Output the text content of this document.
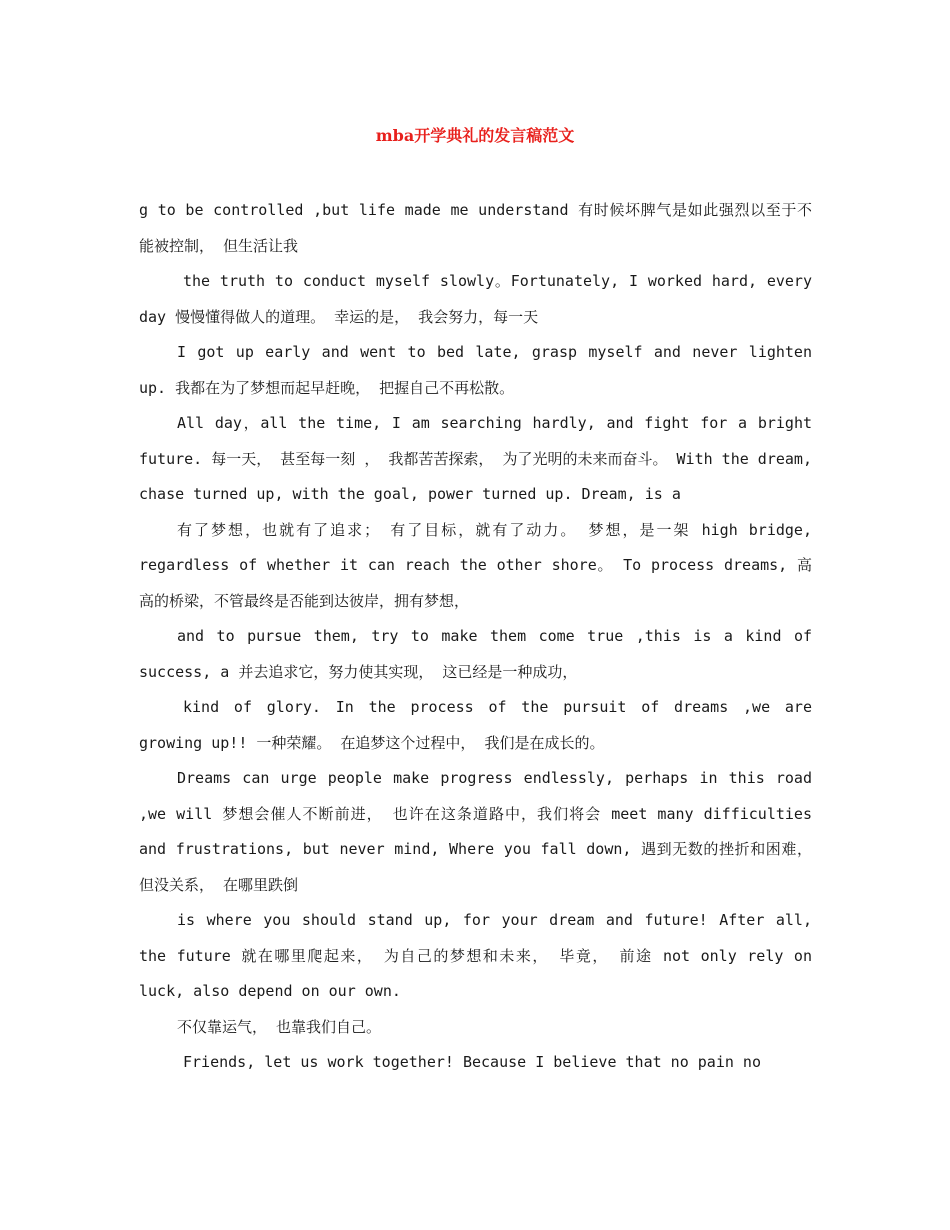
mba开学典礼的发言稿范文

g to be controlled ,but life made me understand 有时候坏脾气是如此强烈以至于不能被控制， 但生活让我

the truth to conduct myself slowly。Fortunately, I worked hard, every day 慢慢懂得做人的道理。 幸运的是， 我会努力，每一天

I got up early and went to bed late, grasp myself and never lighten up. 我都在为了梦想而起早赶晚， 把握自己不再松散。

All day，all the time, I am searching hardly, and fight for a bright future. 每一天， 甚至每一刻 ， 我都苦苦探索， 为了光明的未来而奋斗。 With the dream, chase turned up, with the goal, power turned up. Dream, is a

有了梦想，也就有了追求； 有了目标，就有了动力。 梦想，是一架 high bridge, regardless of whether it can reach the other shore。 To process dreams, 高高的桥梁，不管最终是否能到达彼岸，拥有梦想，

and to pursue them, try to make them come true ,this is a kind of success, a 并去追求它，努力使其实现， 这已经是一种成功，

kind of glory. In the process of the pursuit of dreams ,we are growing up!! 一种荣耀。 在追梦这个过程中， 我们是在成长的。

Dreams can urge people make progress endlessly, perhaps in this road ,we will 梦想会催人不断前进， 也许在这条道路中，我们将会 meet many difficulties and frustrations, but never mind, Where you fall down, 遇到无数的挫折和困难， 但没关系， 在哪里跌倒

is where you should stand up, for your dream and future! After all, the future 就在哪里爬起来， 为自己的梦想和未来， 毕竟， 前途 not only rely on luck, also depend on our own.

不仅靠运气， 也靠我们自己。

Friends, let us work together! Because I believe that no pain no
